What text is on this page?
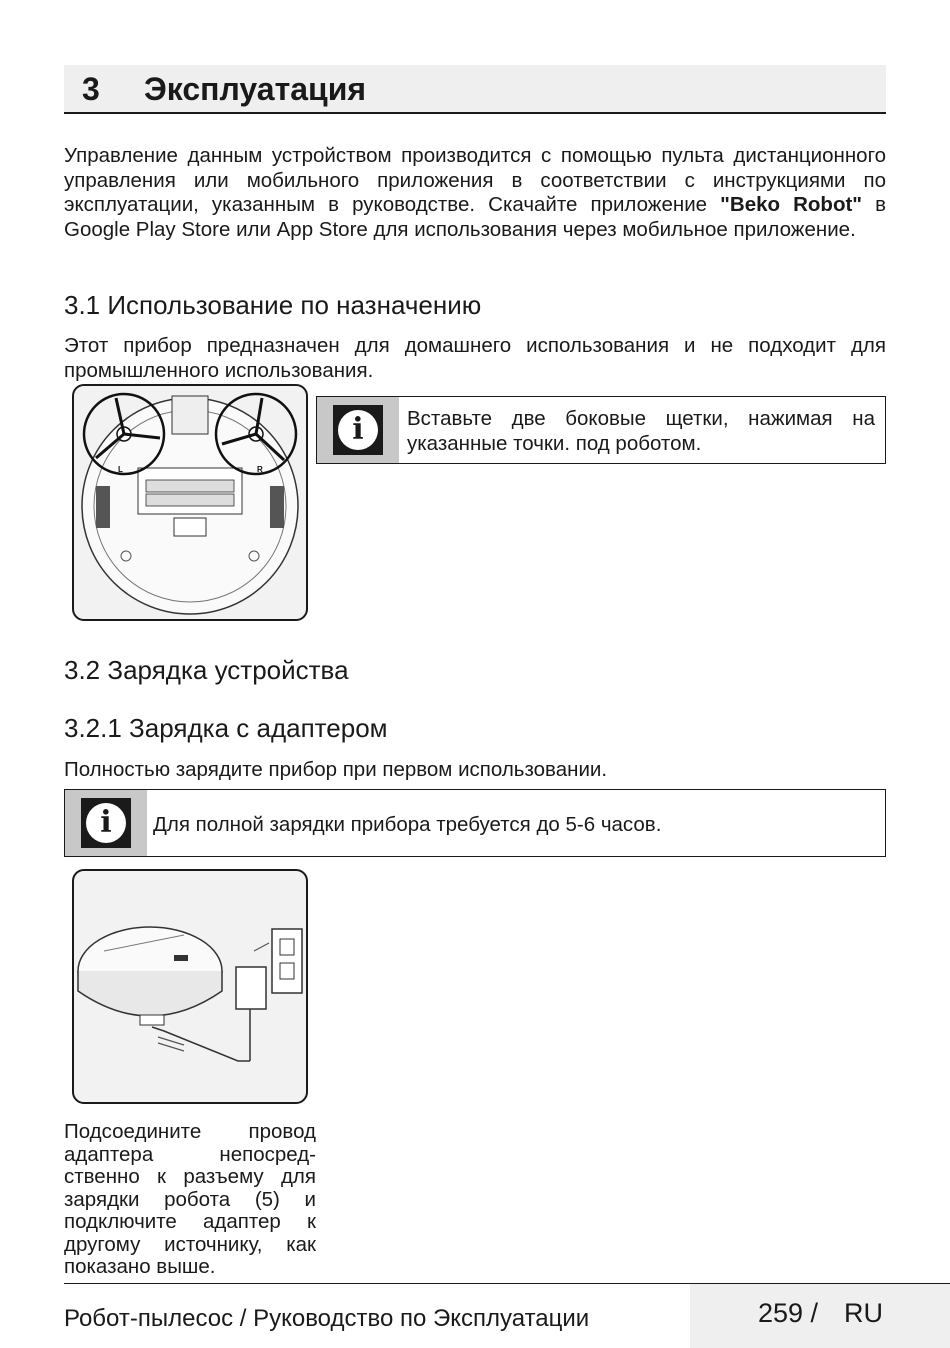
3 Эксплуатация

Управление данным устройством производится с помощью пульта дистанционного управления или мобильного приложения в соответствии с инструкциями по эксплуатации, указанным в руководстве. Скачайте приложение "Beko Robot" в Google Play Store или App Store для использования через мобильное приложение.

3.1 Использование по назначению

Этот прибор предназначен для домашнего использования и не подходит для промышленного использования.

L	R
i	Вставьте две боковые щетки, нажимая на указанные точки. под роботом.
3.2 Зарядка устройства
3.2.1 Зарядка с адаптером

Полностью зарядите прибор при первом использовании.

i	Для полной зарядки прибора требуется до 5-6 часов.

Подсоедините провод адаптера непосред-ственно к разъему для зарядки робота (5) и подключите адаптер к другому источнику, как показано выше.

Робот-пылесос / Руководство по Эксплуатации	259 / RU
